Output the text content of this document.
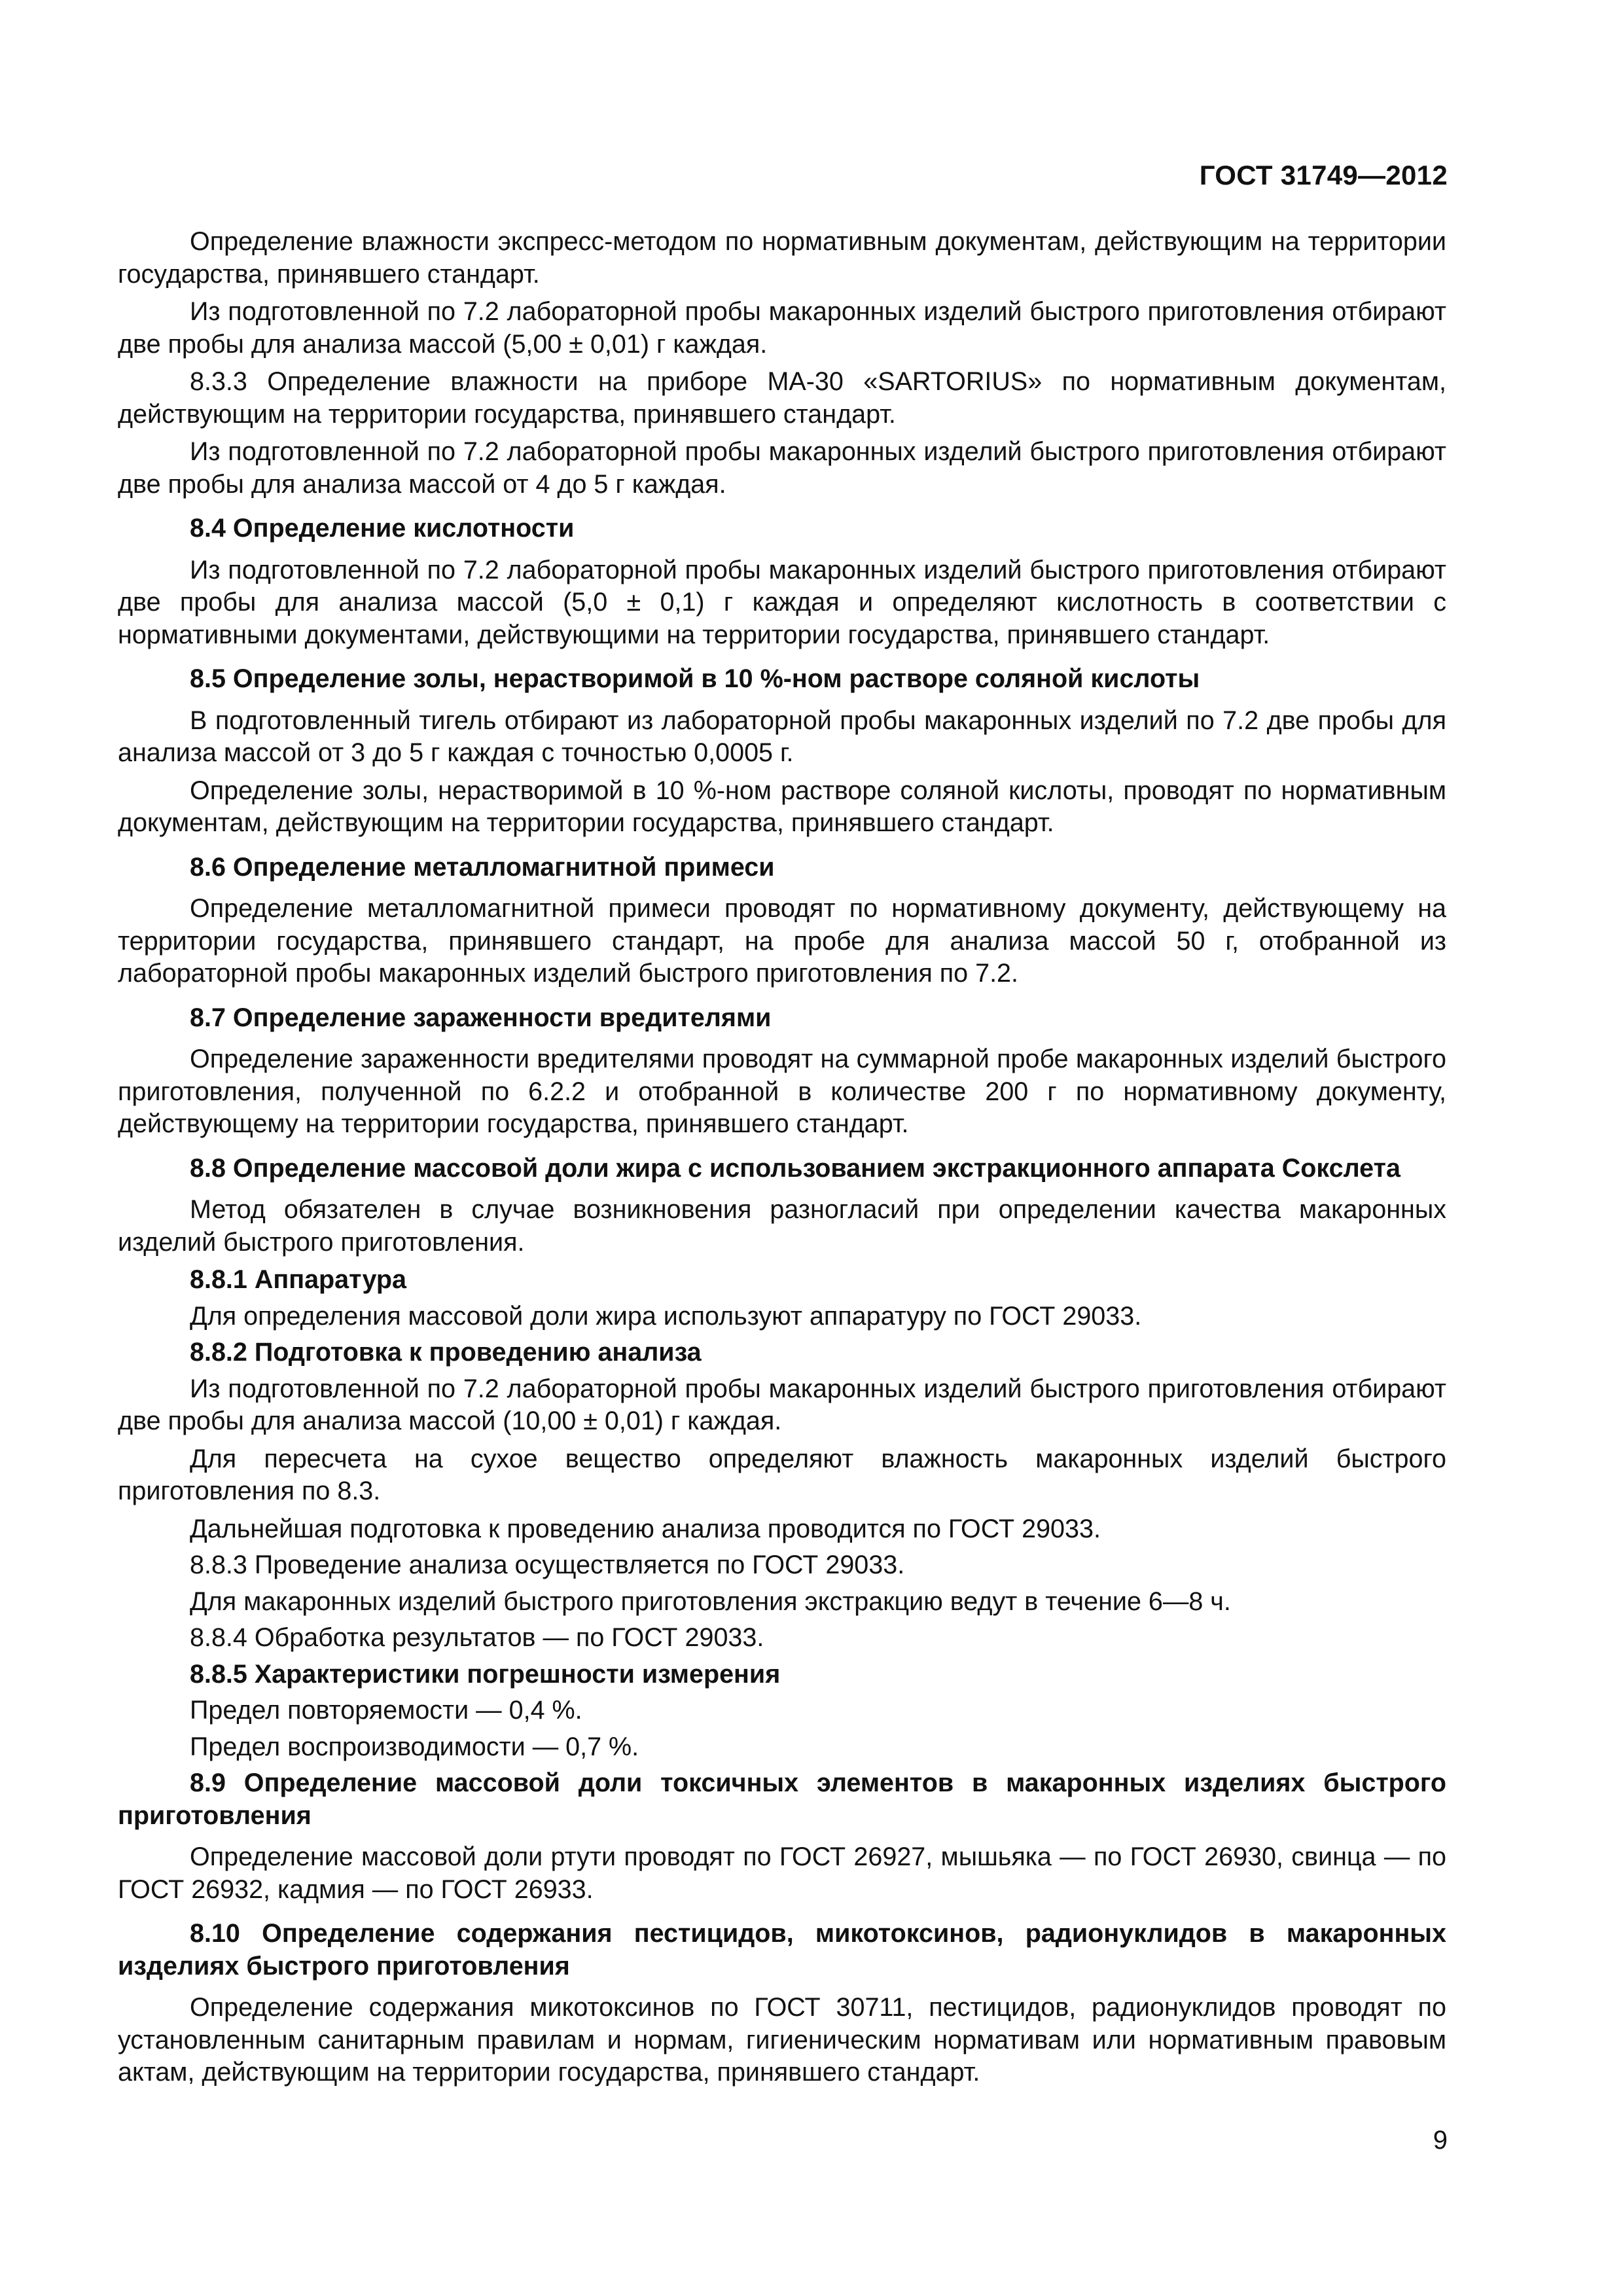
ГОСТ 31749—2012

Определение влажности экспресс-методом по нормативным документам, действующим на территории государства, принявшего стандарт.

Из подготовленной по 7.2 лабораторной пробы макаронных изделий быстрого приготовления отбирают две пробы для анализа массой (5,00 ± 0,01) г каждая.

8.3.3 Определение влажности на приборе МА-30 «SARTORIUS» по нормативным документам, действующим на территории государства, принявшего стандарт.

Из подготовленной по 7.2 лабораторной пробы макаронных изделий быстрого приготовления отбирают две пробы для анализа массой от 4 до 5 г каждая.

8.4 Определение кислотности

Из подготовленной по 7.2 лабораторной пробы макаронных изделий быстрого приготовления отбирают две пробы для анализа массой (5,0 ± 0,1) г каждая и определяют кислотность в соответствии с нормативными документами, действующими на территории государства, принявшего стандарт.

8.5 Определение золы, нерастворимой в 10 %-ном растворе соляной кислоты

В подготовленный тигель отбирают из лабораторной пробы макаронных изделий по 7.2 две пробы для анализа массой от 3 до 5 г каждая с точностью 0,0005 г.

Определение золы, нерастворимой в 10 %-ном растворе соляной кислоты, проводят по нормативным документам, действующим на территории государства, принявшего стандарт.

8.6 Определение металломагнитной примеси

Определение металломагнитной примеси проводят по нормативному документу, действующему на территории государства, принявшего стандарт, на пробе для анализа массой 50 г, отобранной из лабораторной пробы макаронных изделий быстрого приготовления по 7.2.

8.7 Определение зараженности вредителями

Определение зараженности вредителями проводят на суммарной пробе макаронных изделий быстрого приготовления, полученной по 6.2.2 и отобранной в количестве 200 г по нормативному документу, действующему на территории государства, принявшего стандарт.

8.8 Определение массовой доли жира с использованием экстракционного аппарата Сокслета

Метод обязателен в случае возникновения разногласий при определении качества макаронных изделий быстрого приготовления.

8.8.1 Аппаратура

Для определения массовой доли жира используют аппаратуру по ГОСТ 29033.

8.8.2 Подготовка к проведению анализа

Из подготовленной по 7.2 лабораторной пробы макаронных изделий быстрого приготовления отбирают две пробы для анализа массой (10,00 ± 0,01) г каждая.

Для пересчета на сухое вещество определяют влажность макаронных изделий быстрого приготовления по 8.3.

Дальнейшая подготовка к проведению анализа проводится по ГОСТ 29033.

8.8.3 Проведение анализа осуществляется по ГОСТ 29033.

Для макаронных изделий быстрого приготовления экстракцию ведут в течение 6—8 ч.

8.8.4 Обработка результатов — по ГОСТ 29033.

8.8.5 Характеристики погрешности измерения

Предел повторяемости — 0,4 %.

Предел воспроизводимости — 0,7 %.

8.9 Определение массовой доли токсичных элементов в макаронных изделиях быстрого приготовления

Определение массовой доли ртути проводят по ГОСТ 26927, мышьяка — по ГОСТ 26930, свинца — по ГОСТ 26932, кадмия — по ГОСТ 26933.

8.10 Определение содержания пестицидов, микотоксинов, радионуклидов в макаронных изделиях быстрого приготовления

Определение содержания микотоксинов по ГОСТ 30711, пестицидов, радионуклидов проводят по установленным санитарным правилам и нормам, гигиеническим нормативам или нормативным правовым актам, действующим на территории государства, принявшего стандарт.

9
